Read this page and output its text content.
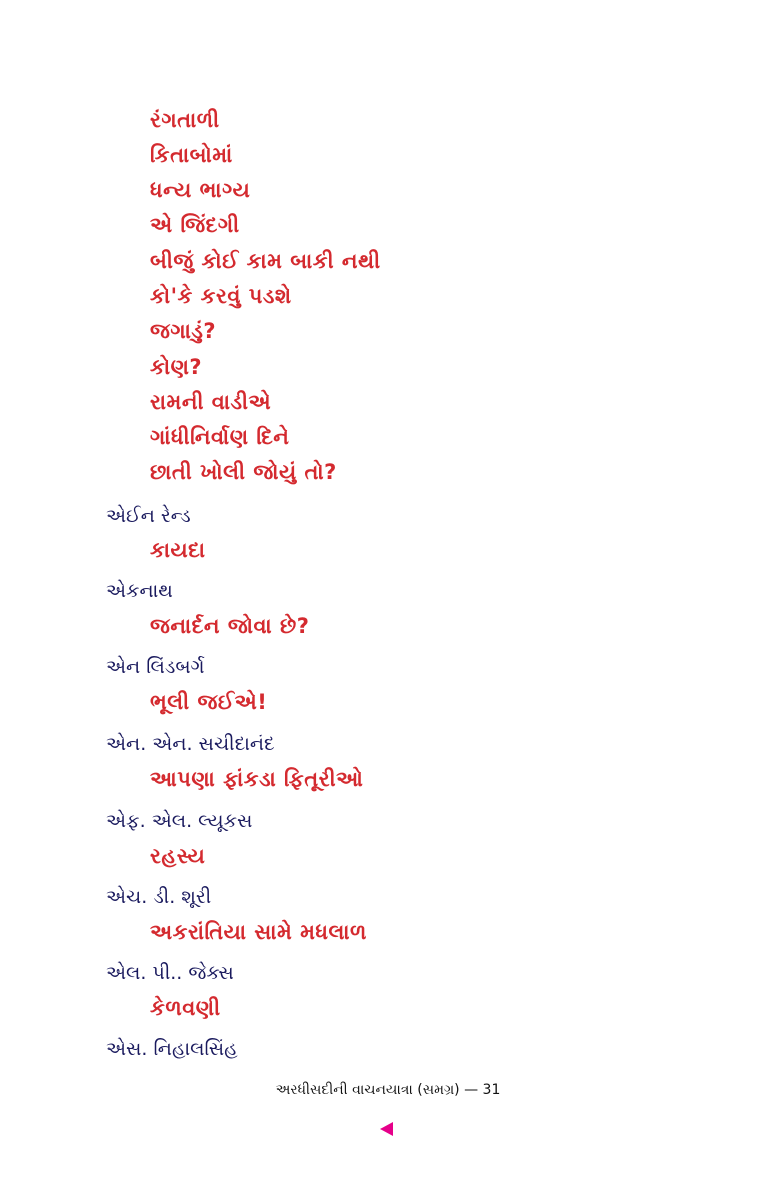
રંગતાળી
કિતાબોમાં
ધન્ય ભાગ્ય
એ જિંદગી
બીજું કોઈ કામ બાકી નથી
કો'કે કરવું પડશે
જગાડું?
કોણ?
રામની વાડીએ
ગાંધીનિર્વાણ દિને
છાતી ખોલી જોયું તો?
એઈન રેન્ડ
કાયદા
એકનાથ
જનાર્દન જોવા છે?
એન લિંડબર્ગ
ભૂલી જઈએ!
એન. એન. સચીદાનંદ
આપણા ફાંકડા ફિતૂરીઓ
એફ. એલ. લ્યૂકસ
રહસ્ય
એચ. ડી. શૂરી
અકરાંતિયા સામે મધલાળ
એલ. પી.. જેક્સ
કેળવણી
એસ. નિહાલસિંહ
અરધીસદીની વાચનયાત્રા (સમગ્ર) — 31
